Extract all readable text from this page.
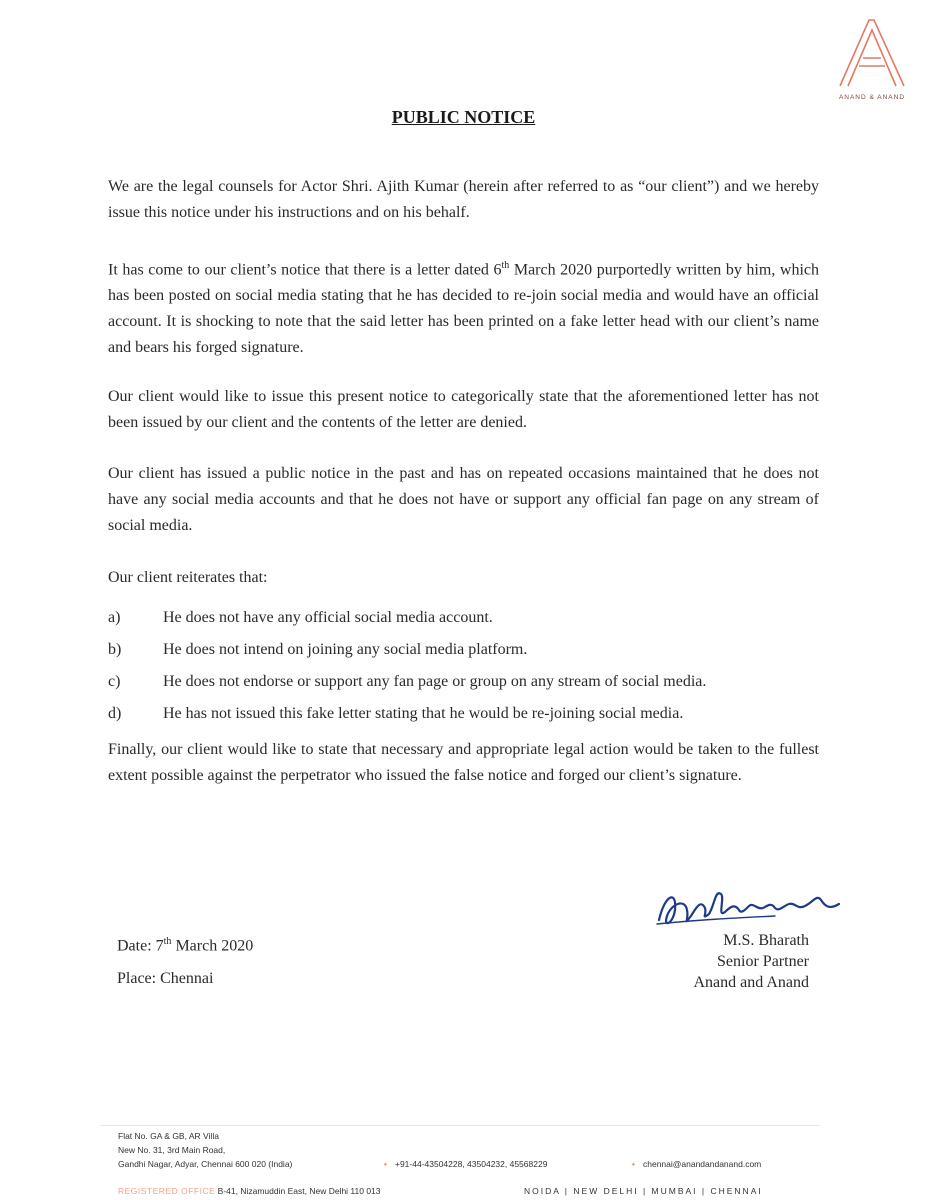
ANAND & ANAND
PUBLIC NOTICE

We are the legal counsels for Actor Shri. Ajith Kumar (herein after referred to as “our client”) and we hereby issue this notice under his instructions and on his behalf.

It has come to our client’s notice that there is a letter dated 6th March 2020 purportedly written by him, which has been posted on social media stating that he has decided to re-join social media and would have an official account. It is shocking to note that the said letter has been printed on a fake letter head with our client’s name and bears his forged signature.

Our client would like to issue this present notice to categorically state that the aforementioned letter has not been issued by our client and the contents of the letter are denied.

Our client has issued a public notice in the past and has on repeated occasions maintained that he does not have any social media accounts and that he does not have or support any official fan page on any stream of social media.

Our client reiterates that:

a)	He does not have any official social media account.
b)	He does not intend on joining any social media platform.
c)	He does not endorse or support any fan page or group on any stream of social media.
d)	He has not issued this fake letter stating that he would be re-joining social media.

Finally, our client would like to state that necessary and appropriate legal action would be taken to the fullest extent possible against the perpetrator who issued the false notice and forged our client’s signature.

Date: 7th March 2020
Place: Chennai
M.S. Bharath
Senior Partner
Anand and Anand
Flat No. GA & GB, AR Villa
New No. 31, 3rd Main Road,
Gandhi Nagar, Adyar, Chennai 600 020 (India)	• +91-44-43504228, 43504232, 45568229	• chennai@anandandanand.com
REGISTERED OFFICE B-41, Nizamuddin East, New Delhi 110 013	NOIDA | NEW DELHI | MUMBAI | CHENNAI
